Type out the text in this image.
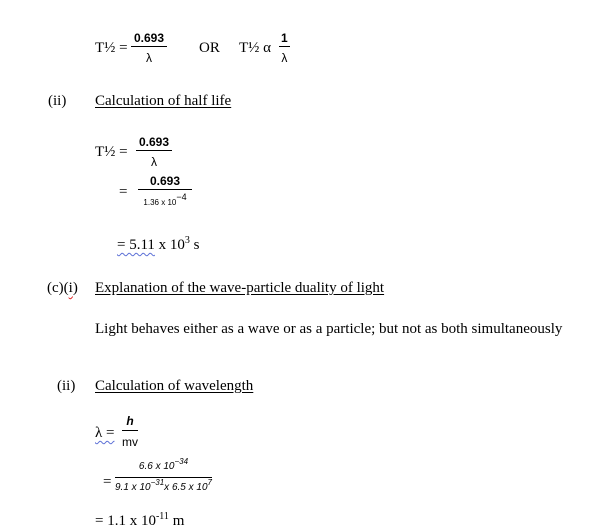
T½ =
0.693
λ
OR T½ α
1
λ
(ii) Calculation of half life
T½ =
0.693
λ
=
0.693
1.36 x 10−4
= 5.11 x $10^3$ s
(c)(i) Explanation of the wave-particle duality of light
Light behaves either as a wave or as a particle; but not as both simultaneously
(ii) Calculation of wavelength
λ =
h
mv
=
6.6 x $10^{-34}$
9.1 x $10^{-31}x$ 6.5 x $10^7$
= 1.1 x $10^{-11}$ m
